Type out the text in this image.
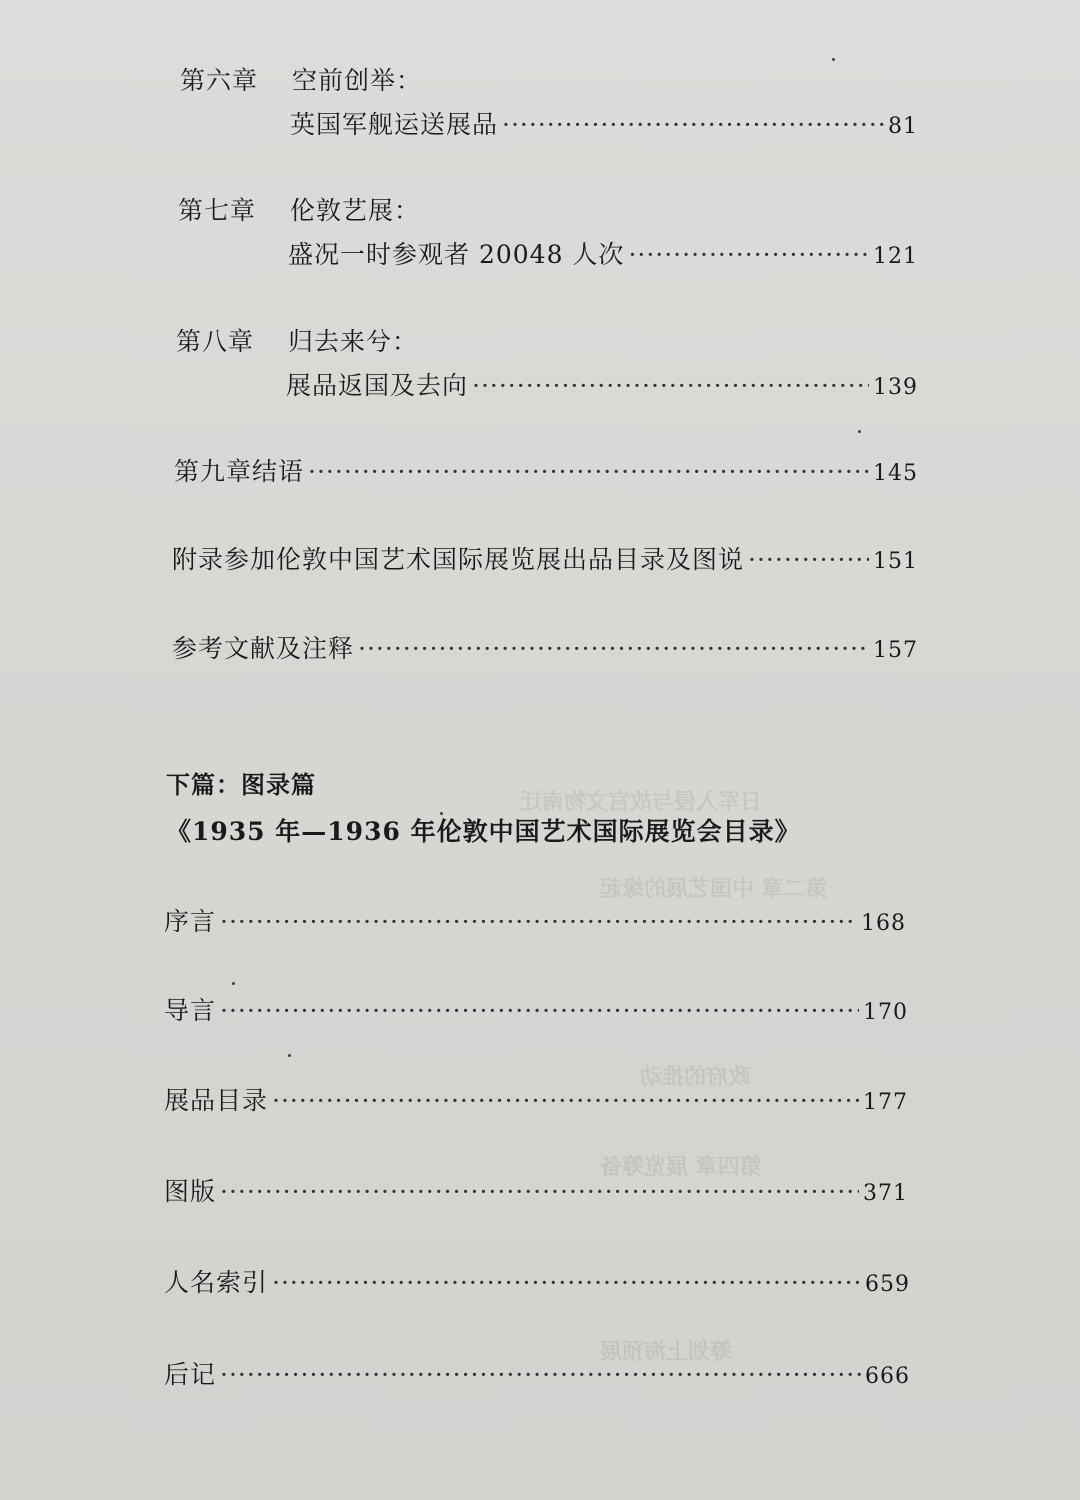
日军入侵与故宫文物南迁
第二章 中国艺展的缘起
政府的推动
第四章 展览筹备
筹划上海预展
第六章 空前创举：
英国军舰运送展品 ·····	81
第七章 伦敦艺展：
盛况一时参观者 20048 人次 ·····	121
第八章 归去来兮：
展品返国及去向 ·····	139
第九章 结语 ·····	145
附录 参加伦敦中国艺术国际展览展出品目录及图说 ·····	151
参考文献及注释 ·····	157
下篇：图录篇
《1935 年—1936 年伦敦中国艺术国际展览会目录》
序言 ·····	168
导言 ·····	170
展品目录 ·····	177
图版 ·····	371
人名索引 ·····	659
后记 ·····	666
